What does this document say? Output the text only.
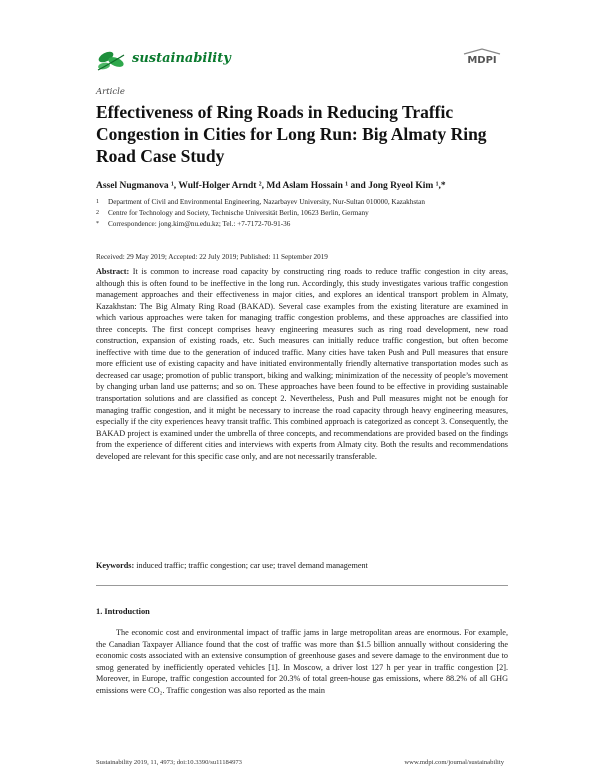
sustainability	MDPI
Article
Effectiveness of Ring Roads in Reducing Traffic Congestion in Cities for Long Run: Big Almaty Ring Road Case Study
Assel Nugmanova ¹, Wulf-Holger Arndt ², Md Aslam Hossain ¹ and Jong Ryeol Kim ¹,*
1 Department of Civil and Environmental Engineering, Nazarbayev University, Nur-Sultan 010000, Kazakhstan
2 Centre for Technology and Society, Technische Universität Berlin, 10623 Berlin, Germany
* Correspondence: jong.kim@nu.edu.kz; Tel.: +7-7172-70-91-36
Received: 29 May 2019; Accepted: 22 July 2019; Published: 11 September 2019
Abstract: It is common to increase road capacity by constructing ring roads to reduce traffic congestion in city areas, although this is often found to be ineffective in the long run. Accordingly, this study investigates various traffic congestion management approaches and their effectiveness in major cities, and explores an identical transport problem in Almaty, Kazakhstan: The Big Almaty Ring Road (BAKAD). Several case examples from the existing literature are examined in which various approaches were taken for managing traffic congestion problems, and these approaches are classified into three concepts. The first concept comprises heavy engineering measures such as ring road development, new road construction, expansion of existing roads, etc. Such measures can initially reduce traffic congestion, but often become ineffective with time due to the generation of induced traffic. Many cities have taken Push and Pull measures that ensure more efficient use of existing capacity and have initiated environmentally friendly alternative transportation modes such as decreased car usage; promotion of public transport, biking and walking; minimization of the necessity of people’s movement by changing urban land use patterns; and so on. These approaches have been found to be effective in providing sustainable transportation solutions and are classified as concept 2. Nevertheless, Push and Pull measures might not be enough for managing traffic congestion, and it might be necessary to increase the road capacity through heavy engineering measures, especially if the city experiences heavy transit traffic. This combined approach is categorized as concept 3. Consequently, the BAKAD project is examined under the umbrella of three concepts, and recommendations are provided based on the findings from the experience of different cities and interviews with experts from Almaty city. Both the results and recommendations developed are relevant for this specific case only, and are not necessarily transferable.
Keywords: induced traffic; traffic congestion; car use; travel demand management
1. Introduction
The economic cost and environmental impact of traffic jams in large metropolitan areas are enormous. For example, the Canadian Taxpayer Alliance found that the cost of traffic was more than $1.5 billion annually without considering the economic costs associated with an extensive consumption of greenhouse gases and severe damage to the environment due to smog generated by inefficiently operated vehicles [1]. In Moscow, a driver lost 127 h per year in traffic congestion [2]. Moreover, in Europe, traffic congestion accounted for 20.3% of total green-house gas emissions, where 88.2% of all GHG emissions were CO₂. Traffic congestion was also reported as the main
Sustainability 2019, 11, 4973; doi:10.3390/su11184973	www.mdpi.com/journal/sustainability
